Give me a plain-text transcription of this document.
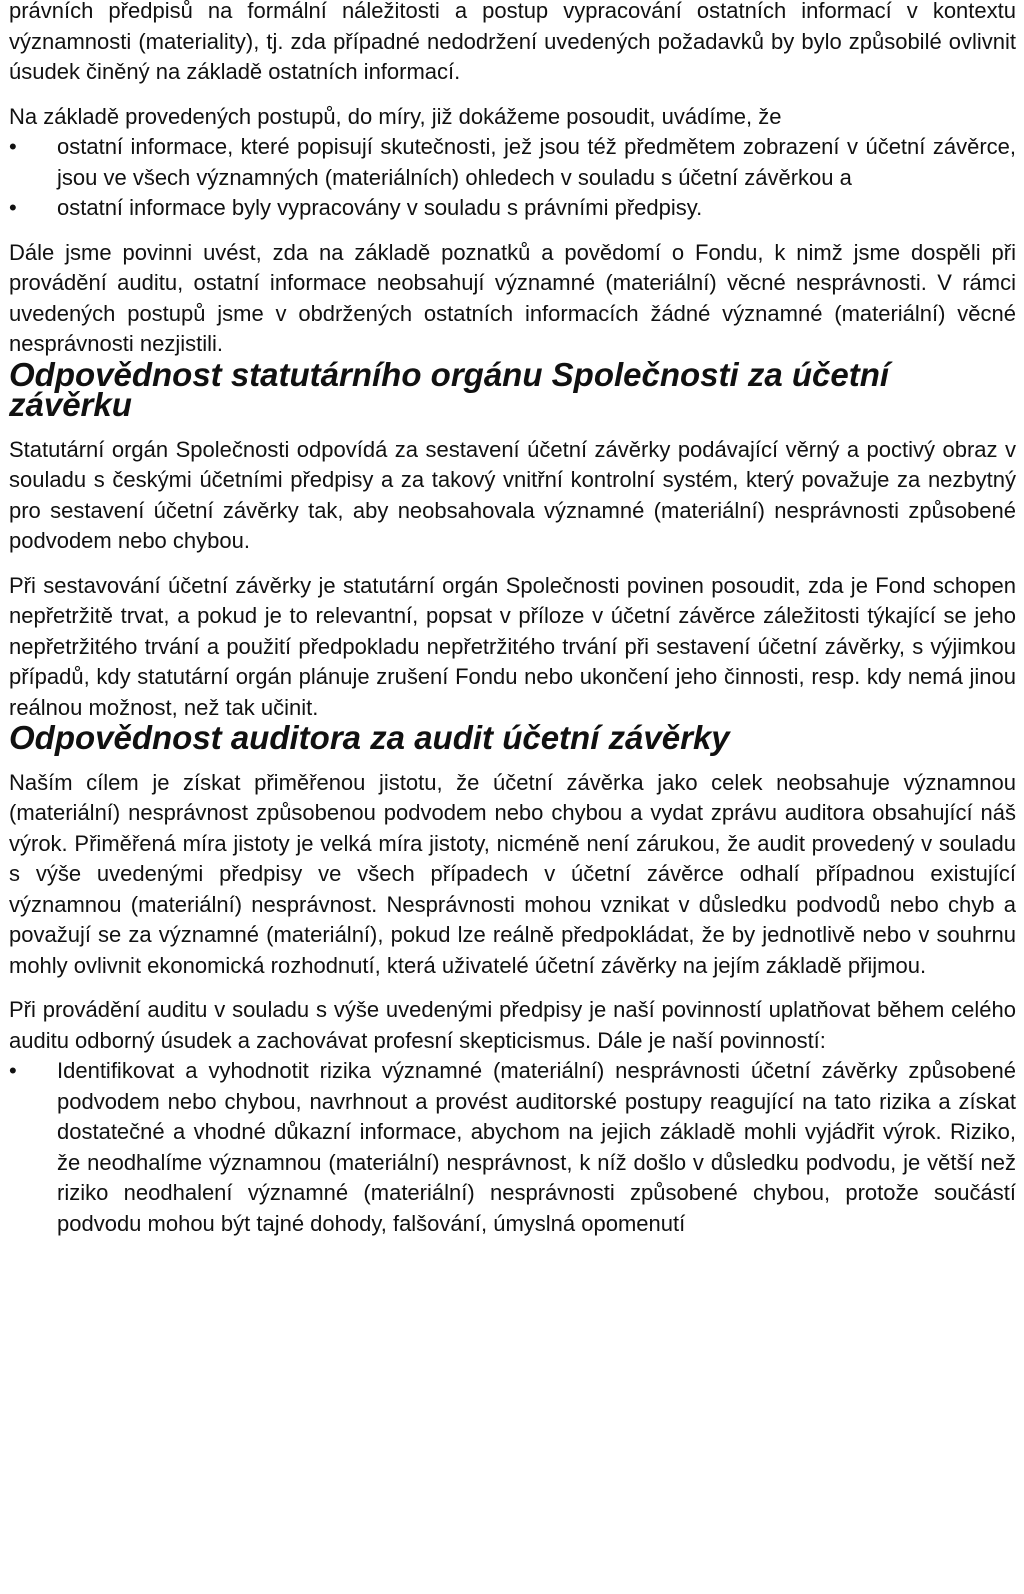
právních předpisů na formální náležitosti a postup vypracování ostatních informací v kontextu významnosti (materiality), tj. zda případné nedodržení uvedených požadavků by bylo způsobilé ovlivnit úsudek činěný na základě ostatních informací.

Na základě provedených postupů, do míry, již dokážeme posoudit, uvádíme, že

•	ostatní informace, které popisují skutečnosti, jež jsou též předmětem zobrazení v účetní závěrce, jsou ve všech významných (materiálních) ohledech v souladu s účetní závěrkou a
•	ostatní informace byly vypracovány v souladu s právními předpisy.

Dále jsme povinni uvést, zda na základě poznatků a povědomí o Fondu, k nimž jsme dospěli při provádění auditu, ostatní informace neobsahují významné (materiální) věcné nesprávnosti. V rámci uvedených postupů jsme v obdržených ostatních informacích žádné významné (materiální) věcné nesprávnosti nezjistili.

Odpovědnost statutárního orgánu Společnosti za účetní závěrku

Statutární orgán Společnosti odpovídá za sestavení účetní závěrky podávající věrný a poctivý obraz v souladu s českými účetními předpisy a za takový vnitřní kontrolní systém, který považuje za nezbytný pro sestavení účetní závěrky tak, aby neobsahovala významné (materiální) nesprávnosti způsobené podvodem nebo chybou.

Při sestavování účetní závěrky je statutární orgán Společnosti povinen posoudit, zda je Fond schopen nepřetržitě trvat, a pokud je to relevantní, popsat v příloze v účetní závěrce záležitosti týkající se jeho nepřetržitého trvání a použití předpokladu nepřetržitého trvání při sestavení účetní závěrky, s výjimkou případů, kdy statutární orgán plánuje zrušení Fondu nebo ukončení jeho činnosti, resp. kdy nemá jinou reálnou možnost, než tak učinit.

Odpovědnost auditora za audit účetní závěrky

Naším cílem je získat přiměřenou jistotu, že účetní závěrka jako celek neobsahuje významnou (materiální) nesprávnost způsobenou podvodem nebo chybou a vydat zprávu auditora obsahující náš výrok. Přiměřená míra jistoty je velká míra jistoty, nicméně není zárukou, že audit provedený v souladu s výše uvedenými předpisy ve všech případech v účetní závěrce odhalí případnou existující významnou (materiální) nesprávnost. Nesprávnosti mohou vznikat v důsledku podvodů nebo chyb a považují se za významné (materiální), pokud lze reálně předpokládat, že by jednotlivě nebo v souhrnu mohly ovlivnit ekonomická rozhodnutí, která uživatelé účetní závěrky na jejím základě přijmou.

Při provádění auditu v souladu s výše uvedenými předpisy je naší povinností uplatňovat během celého auditu odborný úsudek a zachovávat profesní skepticismus. Dále je naší povinností:

•	Identifikovat a vyhodnotit rizika významné (materiální) nesprávnosti účetní závěrky způsobené podvodem nebo chybou, navrhnout a provést auditorské postupy reagující na tato rizika a získat dostatečné a vhodné důkazní informace, abychom na jejich základě mohli vyjádřit výrok. Riziko, že neodhalíme významnou (materiální) nesprávnost, k níž došlo v důsledku podvodu, je větší než riziko neodhalení významné (materiální) nesprávnosti způsobené chybou, protože součástí podvodu mohou být tajné dohody, falšování, úmyslná opomenutí
